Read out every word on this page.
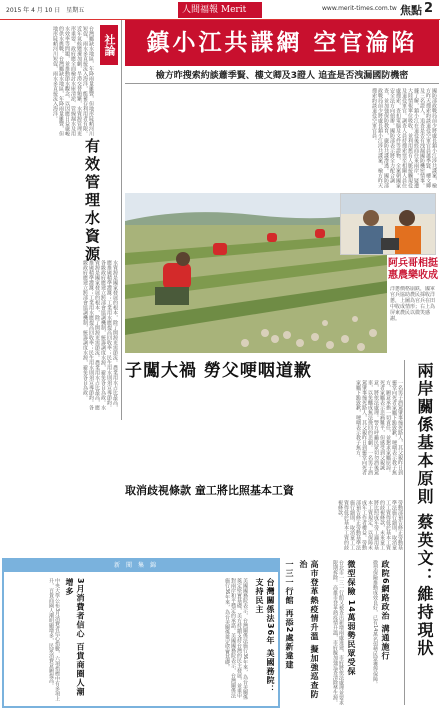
2015 年 4 月 10 日　星期五	人間福報 Merit	www.merit-times.com.tw 焦點 2
社論
台灣屬缺水地區，年降雨量雖豐，但地形陡峭河川短促，雨水多直接流入海洋，能蓄存利用者有限。近年氣候變遷加劇，旱澇交替頻繁，水資源管理更形重要。政府應全面檢討水庫清淤、管線漏水及用水效率等問題，並推動節水觀念，以因應日益嚴峻的供水挑戰。台灣屬缺水地區，年降雨量雖豐，但地形陡峭河川短促，雨水多直接流入海洋。
有效管理水資源
水資源是國家發展的根本，除了開源更需節流。農業用水占比最高，應推廣精準灌溉；工業用水應提高回收率；民生用水則須宣導節約。各級政府應建立跨部會協調機制，統籌調度水源，避免各自為政。水資源是國家發展的根本，除了開源更需節流。農業用水占比最高，應推廣精準灌溉；工業用水應提高回收率；民生用水則須宣導節約。各級政府應建立跨部會協調機制，統籌調度水源，避免各自為政。
鎮小江共諜網 空官淪陷
檢方昨搜索約談蕭季賢、樓文卿及3證人 追查是否洩漏國防機密
國防部政戰局前少將處長鎮小江涉共諜案，檢方昨天搜索約談退役空軍官員蕭季賢、樓文卿及三名證人，追查是否有洩漏國防機密情事。據了解，鎮小江在退役後經商往來兩岸，疑遭大陸情報單位吸收，並利用舊有人脈接觸現役及退役軍官。調查人員持搜索票至相關人員住處搜索，查扣電腦及文件等證物，全案朝國家安全法方向偵辦。國防部表示將全力配合調查，並加強保防教育，嚴防共諜滲透。國防部政戰局前少將處長鎮小江涉共諜案，檢方昨天搜索約談退役空軍官員。
阿兵哥相挺 惠農樂收成
洋蔥價格崩跌，國軍官兵協助農民採收洋蔥，上圖為官兵在田中收成情形；右上為屏東農民以微笑感謝。
子闖大禍 勞父哽咽道歉
一名男子酒駕肇事撞死路人，其父親昨日到靈堂向死者家屬下跪致歉，哽咽表示教子無方，願意承擔一切責任，並懇求家屬原諒。死者家屬表示悲痛難平，但感受到父親誠意，將依法處理。警方呼籲民眾切勿酒後駕車，以免釀成無法挽回的悲劇。一名男子酒駕肇事撞死路人，其父親昨日到靈堂向死者家屬下跪致歉，哽咽表示教子無方。
取消歧視條款 童工將比照基本工資
勞動部預告修正勞動基準法施行細則，取消童工工資得低於基本工資的歧視條款，未來童工將比照成年勞工適用基本工資規定，以保障未成年工作者權益。勞動部預告修正勞動基準法施行細則，取消童工工資得低於基本工資的歧視條款。	兩岸關係基本原則 蔡英文：維持現狀
新聞集錦
台灣關係法36年 美國務院：支持民主
美國國務院表示，台灣關係法施行36年來，為台美關係奠定堅實基礎，美方持續支持台灣的民主發展，並重申對兩岸和平穩定的承諾。美國國務院表示，台灣關係法施行36年來，為台美關係奠定堅實基礎。
3月消費者信心 百貨商圈人潮增多
中央大學公布3月消費者信心指數，六項指標中有多項上升，百貨商圈人潮明顯增多，民眾消費意願提高。	一三一行館 再添2處新違建	高市登革熱疫情升溫 擬加強巡查防治	台北市一三一行館又被查出新增兩處違建，市府將依法處理並要求限期拆除。高雄市登革熱疫情升溫，市府擬加強巡查清除孳生源。	微型保險 14萬弱勢民眾受保	微型保險推動成效良好，已有14萬名弱勢民眾獲得保障。 政院6網路政治 溝通施行
